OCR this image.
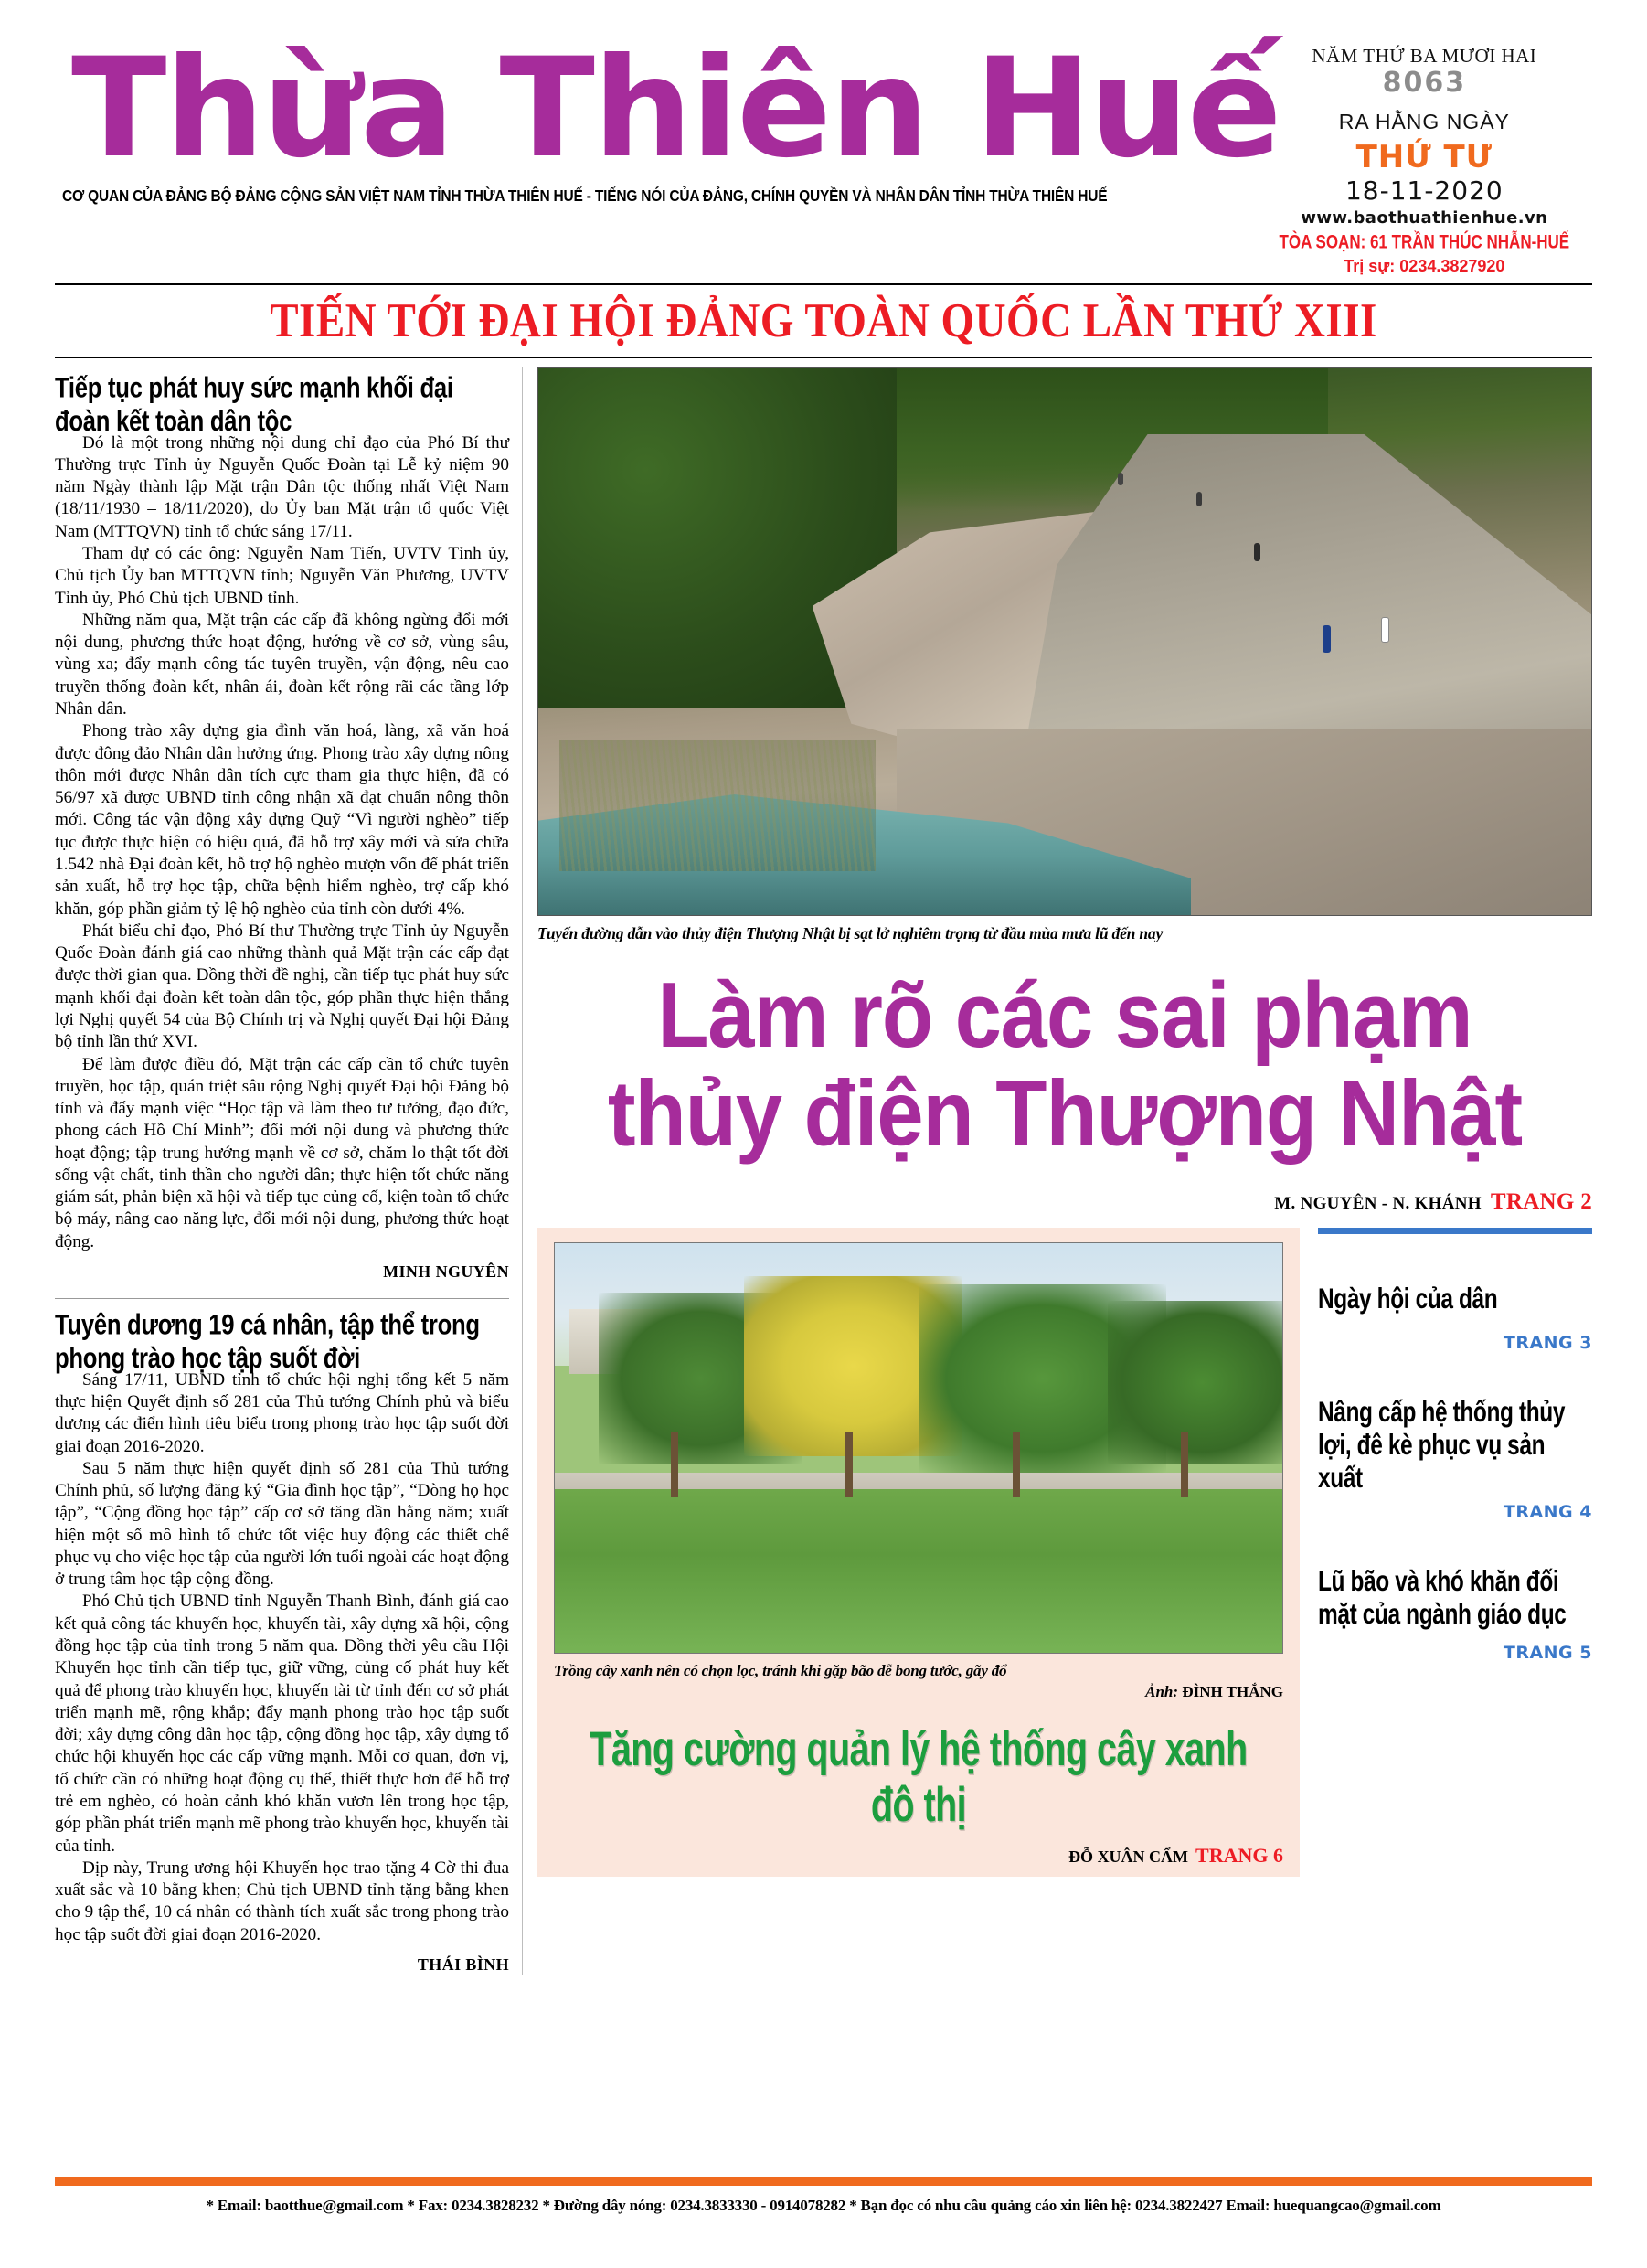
Thừa Thiên Huế
CƠ QUAN CỦA ĐẢNG BỘ ĐẢNG CỘNG SẢN VIỆT NAM TỈNH THỪA THIÊN HUẾ - TIẾNG NÓI CỦA ĐẢNG, CHÍNH QUYỀN VÀ NHÂN DÂN TỈNH THỪA THIÊN HUẾ
NĂM THỨ BA MƯƠI HAI
8063
RA HẰNG NGÀY
THỨ TƯ
18-11-2020
www.baothuathienhue.vn
TÒA SOẠN: 61 TRẦN THÚC NHẪN-HUẾ
Trị sự: 0234.3827920
TIẾN TỚI ĐẠI HỘI ĐẢNG TOÀN QUỐC LẦN THỨ XIII
Tiếp tục phát huy sức mạnh khối đại đoàn kết toàn dân tộc

Đó là một trong những nội dung chỉ đạo của Phó Bí thư Thường trực Tỉnh ủy Nguyễn Quốc Đoàn tại Lễ kỷ niệm 90 năm Ngày thành lập Mặt trận Dân tộc thống nhất Việt Nam (18/11/1930 – 18/11/2020), do Ủy ban Mặt trận tổ quốc Việt Nam (MTTQVN) tỉnh tổ chức sáng 17/11.

Tham dự có các ông: Nguyễn Nam Tiến, UVTV Tỉnh ủy, Chủ tịch Ủy ban MTTQVN tỉnh; Nguyễn Văn Phương, UVTV Tỉnh ủy, Phó Chủ tịch UBND tỉnh.

Những năm qua, Mặt trận các cấp đã không ngừng đổi mới nội dung, phương thức hoạt động, hướng về cơ sở, vùng sâu, vùng xa; đẩy mạnh công tác tuyên truyền, vận động, nêu cao truyền thống đoàn kết, nhân ái, đoàn kết rộng rãi các tầng lớp Nhân dân.

Phong trào xây dựng gia đình văn hoá, làng, xã văn hoá được đông đảo Nhân dân hưởng ứng. Phong trào xây dựng nông thôn mới được Nhân dân tích cực tham gia thực hiện, đã có 56/97 xã được UBND tỉnh công nhận xã đạt chuẩn nông thôn mới. Công tác vận động xây dựng Quỹ “Vì người nghèo” tiếp tục được thực hiện có hiệu quả, đã hỗ trợ xây mới và sửa chữa 1.542 nhà Đại đoàn kết, hỗ trợ hộ nghèo mượn vốn để phát triển sản xuất, hỗ trợ học tập, chữa bệnh hiểm nghèo, trợ cấp khó khăn, góp phần giảm tỷ lệ hộ nghèo của tỉnh còn dưới 4%.

Phát biểu chỉ đạo, Phó Bí thư Thường trực Tỉnh ủy Nguyễn Quốc Đoàn đánh giá cao những thành quả Mặt trận các cấp đạt được thời gian qua. Đồng thời đề nghị, cần tiếp tục phát huy sức mạnh khối đại đoàn kết toàn dân tộc, góp phần thực hiện thắng lợi Nghị quyết 54 của Bộ Chính trị và Nghị quyết Đại hội Đảng bộ tỉnh lần thứ XVI.

Để làm được điều đó, Mặt trận các cấp cần tổ chức tuyên truyền, học tập, quán triệt sâu rộng Nghị quyết Đại hội Đảng bộ tỉnh và đẩy mạnh việc “Học tập và làm theo tư tưởng, đạo đức, phong cách Hồ Chí Minh”; đổi mới nội dung và phương thức hoạt động; tập trung hướng mạnh về cơ sở, chăm lo thật tốt đời sống vật chất, tinh thần cho người dân; thực hiện tốt chức năng giám sát, phản biện xã hội và tiếp tục củng cố, kiện toàn tổ chức bộ máy, nâng cao năng lực, đổi mới nội dung, phương thức hoạt động.

MINH NGUYÊN
Tuyên dương 19 cá nhân, tập thể trong phong trào học tập suốt đời

Sáng 17/11, UBND tỉnh tổ chức hội nghị tổng kết 5 năm thực hiện Quyết định số 281 của Thủ tướng Chính phủ và biểu dương các điển hình tiêu biểu trong phong trào học tập suốt đời giai đoạn 2016-2020.

Sau 5 năm thực hiện quyết định số 281 của Thủ tướng Chính phủ, số lượng đăng ký “Gia đình học tập”, “Dòng họ học tập”, “Cộng đồng học tập” cấp cơ sở tăng dần hằng năm; xuất hiện một số mô hình tổ chức tốt việc huy động các thiết chế phục vụ cho việc học tập của người lớn tuổi ngoài các hoạt động ở trung tâm học tập cộng đồng.

Phó Chủ tịch UBND tỉnh Nguyễn Thanh Bình, đánh giá cao kết quả công tác khuyến học, khuyến tài, xây dựng xã hội, cộng đồng học tập của tỉnh trong 5 năm qua. Đồng thời yêu cầu Hội Khuyến học tỉnh cần tiếp tục, giữ vững, củng cố phát huy kết quả để phong trào khuyến học, khuyến tài từ tỉnh đến cơ sở phát triển mạnh mẽ, rộng khắp; đẩy mạnh phong trào học tập suốt đời; xây dựng công dân học tập, cộng đồng học tập, xây dựng tổ chức hội khuyến học các cấp vững mạnh. Mỗi cơ quan, đơn vị, tổ chức cần có những hoạt động cụ thể, thiết thực hơn để hỗ trợ trẻ em nghèo, có hoàn cảnh khó khăn vươn lên trong học tập, góp phần phát triển mạnh mẽ phong trào khuyến học, khuyến tài của tỉnh.

Dịp này, Trung ương hội Khuyến học trao tặng 4 Cờ thi đua xuất sắc và 10 bằng khen; Chủ tịch UBND tỉnh tặng bằng khen cho 9 tập thể, 10 cá nhân có thành tích xuất sắc trong phong trào học tập suốt đời giai đoạn 2016-2020.

THÁI BÌNH
Tuyến đường dẫn vào thủy điện Thượng Nhật bị sạt lở nghiêm trọng từ đầu mùa mưa lũ đến nay
Làm rõ các sai phạm
thủy điện Thượng Nhật
M. NGUYÊN - N. KHÁNH TRANG 2
Trồng cây xanh nên có chọn lọc, tránh khi gặp bão dễ bong tước, gãy đổ
Ảnh: ĐÌNH THẮNG
Tăng cường quản lý hệ thống cây xanh đô thị
ĐỖ XUÂN CẨM TRANG 6
Ngày hội của dân
TRANG 3
Nâng cấp hệ thống thủy lợi, đê kè phục vụ sản xuất
TRANG 4
Lũ bão và khó khăn đối mặt của ngành giáo dục
TRANG 5
* Email: baotthue@gmail.com * Fax: 0234.3828232 * Đường dây nóng: 0234.3833330 - 0914078282 * Bạn đọc có nhu cầu quảng cáo xin liên hệ: 0234.3822427 Email: huequangcao@gmail.com
